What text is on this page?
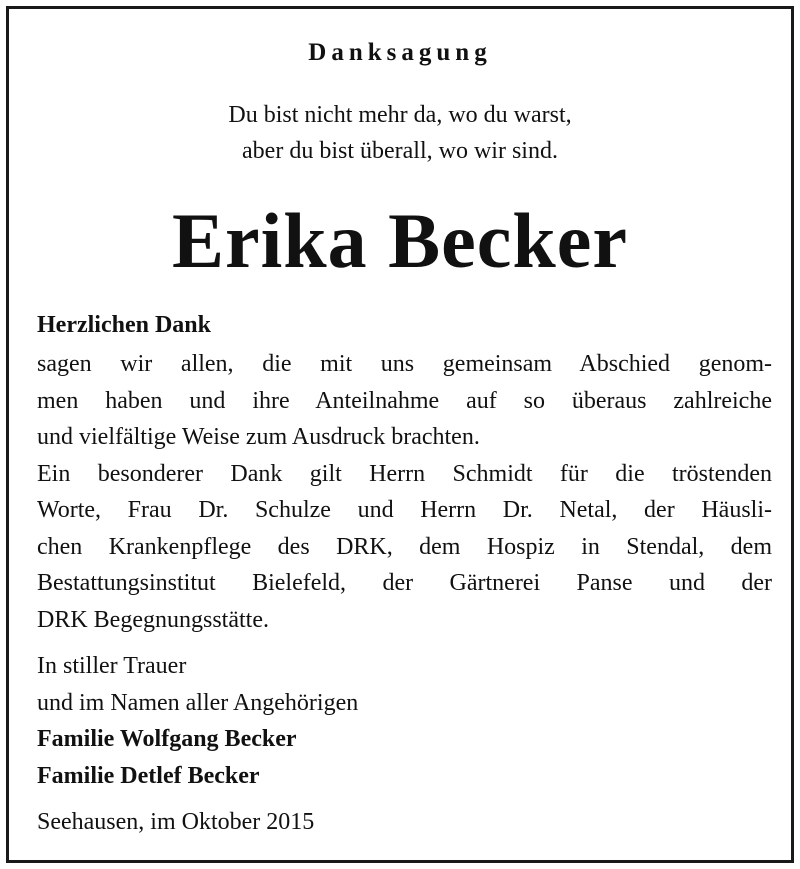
Danksagung

Du bist nicht mehr da, wo du warst,
aber du bist überall, wo wir sind.

Erika Becker

Herzlichen Dank

sagen wir allen, die mit uns gemeinsam Abschied genom-
men haben und ihre Anteilnahme auf so überaus zahlreiche
und vielfältige Weise zum Ausdruck brachten.
Ein besonderer Dank gilt Herrn Schmidt für die tröstenden
Worte, Frau Dr. Schulze und Herrn Dr. Netal, der Häusli-
chen Krankenpflege des DRK, dem Hospiz in Stendal, dem
Bestattungsinstitut Bielefeld, der Gärtnerei Panse und der
DRK Begegnungsstätte.

In stiller Trauer
und im Namen aller Angehörigen
Familie Wolfgang Becker
Familie Detlef Becker

Seehausen, im Oktober 2015
